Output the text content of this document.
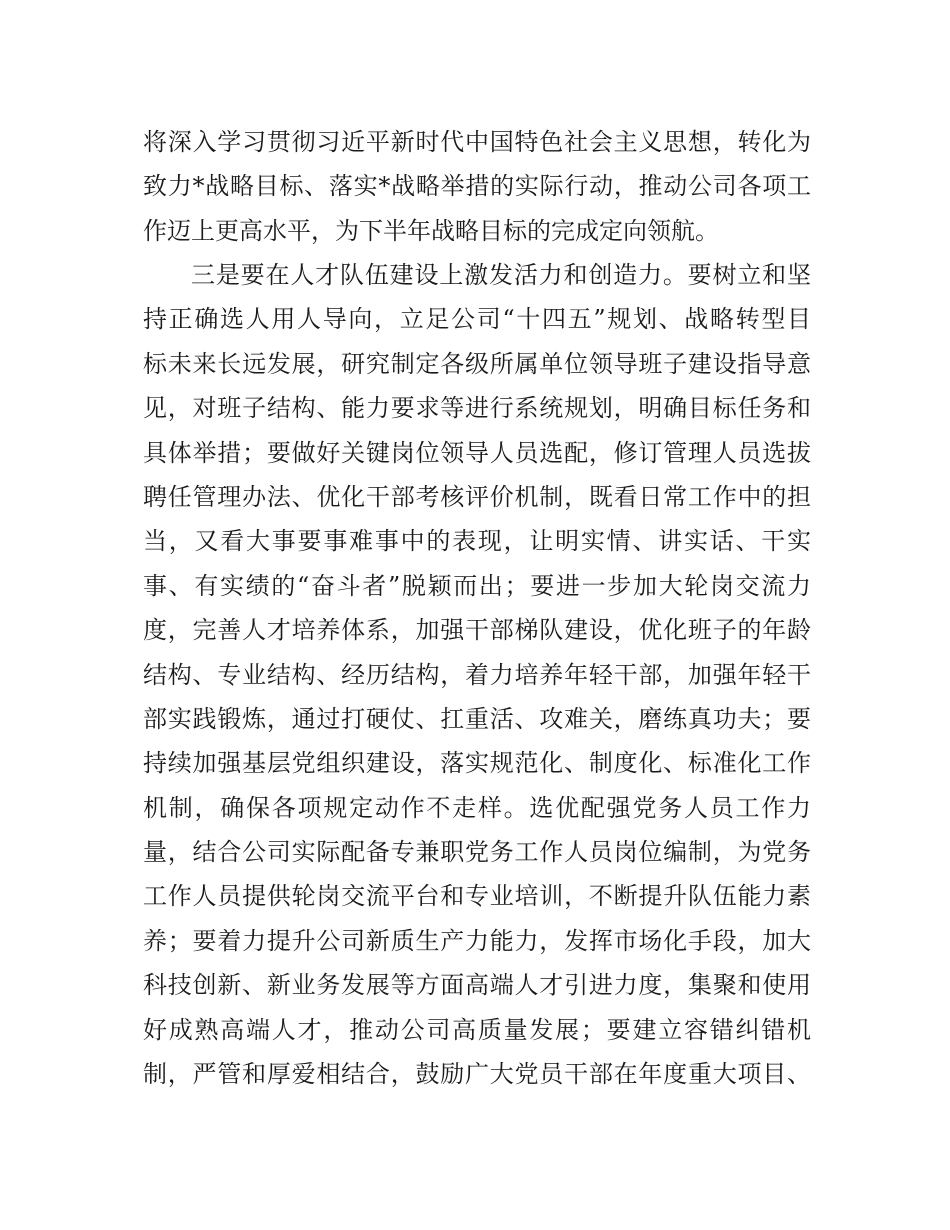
将深入学习贯彻习近平新时代中国特色社会主义思想，转化为
致力*战略目标、落实*战略举措的实际行动，推动公司各项工
作迈上更高水平，为下半年战略目标的完成定向领航。
三是要在人才队伍建设上激发活力和创造力。要树立和坚
持正确选人用人导向，立足公司“十四五”规划、战略转型目
标未来长远发展，研究制定各级所属单位领导班子建设指导意
见，对班子结构、能力要求等进行系统规划，明确目标任务和
具体举措；要做好关键岗位领导人员选配，修订管理人员选拔
聘任管理办法、优化干部考核评价机制，既看日常工作中的担
当，又看大事要事难事中的表现，让明实情、讲实话、干实
事、有实绩的“奋斗者”脱颖而出；要进一步加大轮岗交流力
度，完善人才培养体系，加强干部梯队建设，优化班子的年龄
结构、专业结构、经历结构，着力培养年轻干部，加强年轻干
部实践锻炼，通过打硬仗、扛重活、攻难关，磨练真功夫；要
持续加强基层党组织建设，落实规范化、制度化、标准化工作
机制，确保各项规定动作不走样。选优配强党务人员工作力
量，结合公司实际配备专兼职党务工作人员岗位编制，为党务
工作人员提供轮岗交流平台和专业培训，不断提升队伍能力素
养；要着力提升公司新质生产力能力，发挥市场化手段，加大
科技创新、新业务发展等方面高端人才引进力度，集聚和使用
好成熟高端人才，推动公司高质量发展；要建立容错纠错机
制，严管和厚爱相结合，鼓励广大党员干部在年度重大项目、
